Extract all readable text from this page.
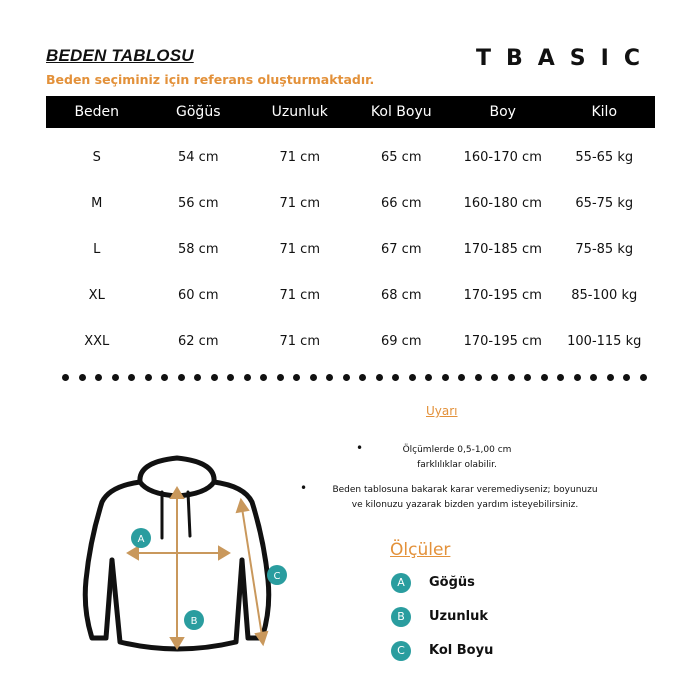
BEDEN TABLOSU
Beden seçiminiz için referans oluşturmaktadır.
TBASIC
Beden	Göğüs	Uzunluk	Kol Boyu	Boy	Kilo
S	54 cm	71 cm	65 cm	160-170 cm	55-65 kg
M	56 cm	71 cm	66 cm	160-180 cm	65-75 kg
L	58 cm	71 cm	67 cm	170-185 cm	75-85 kg
XL	60 cm	71 cm	68 cm	170-195 cm	85-100 kg
XXL	62 cm	71 cm	69 cm	170-195 cm	100-115 kg
Uyarı
•	Ölçümlerde 0,5-1,00 cm
farklılıklar olabilir.
•	Beden tablosuna bakarak karar veremediyseniz; boyunuzu
ve kilonuzu yazarak bizden yardım isteyebilirsiniz.
A
B
C
Ölçüler
A	Göğüs
B	Uzunluk
C	Kol Boyu
